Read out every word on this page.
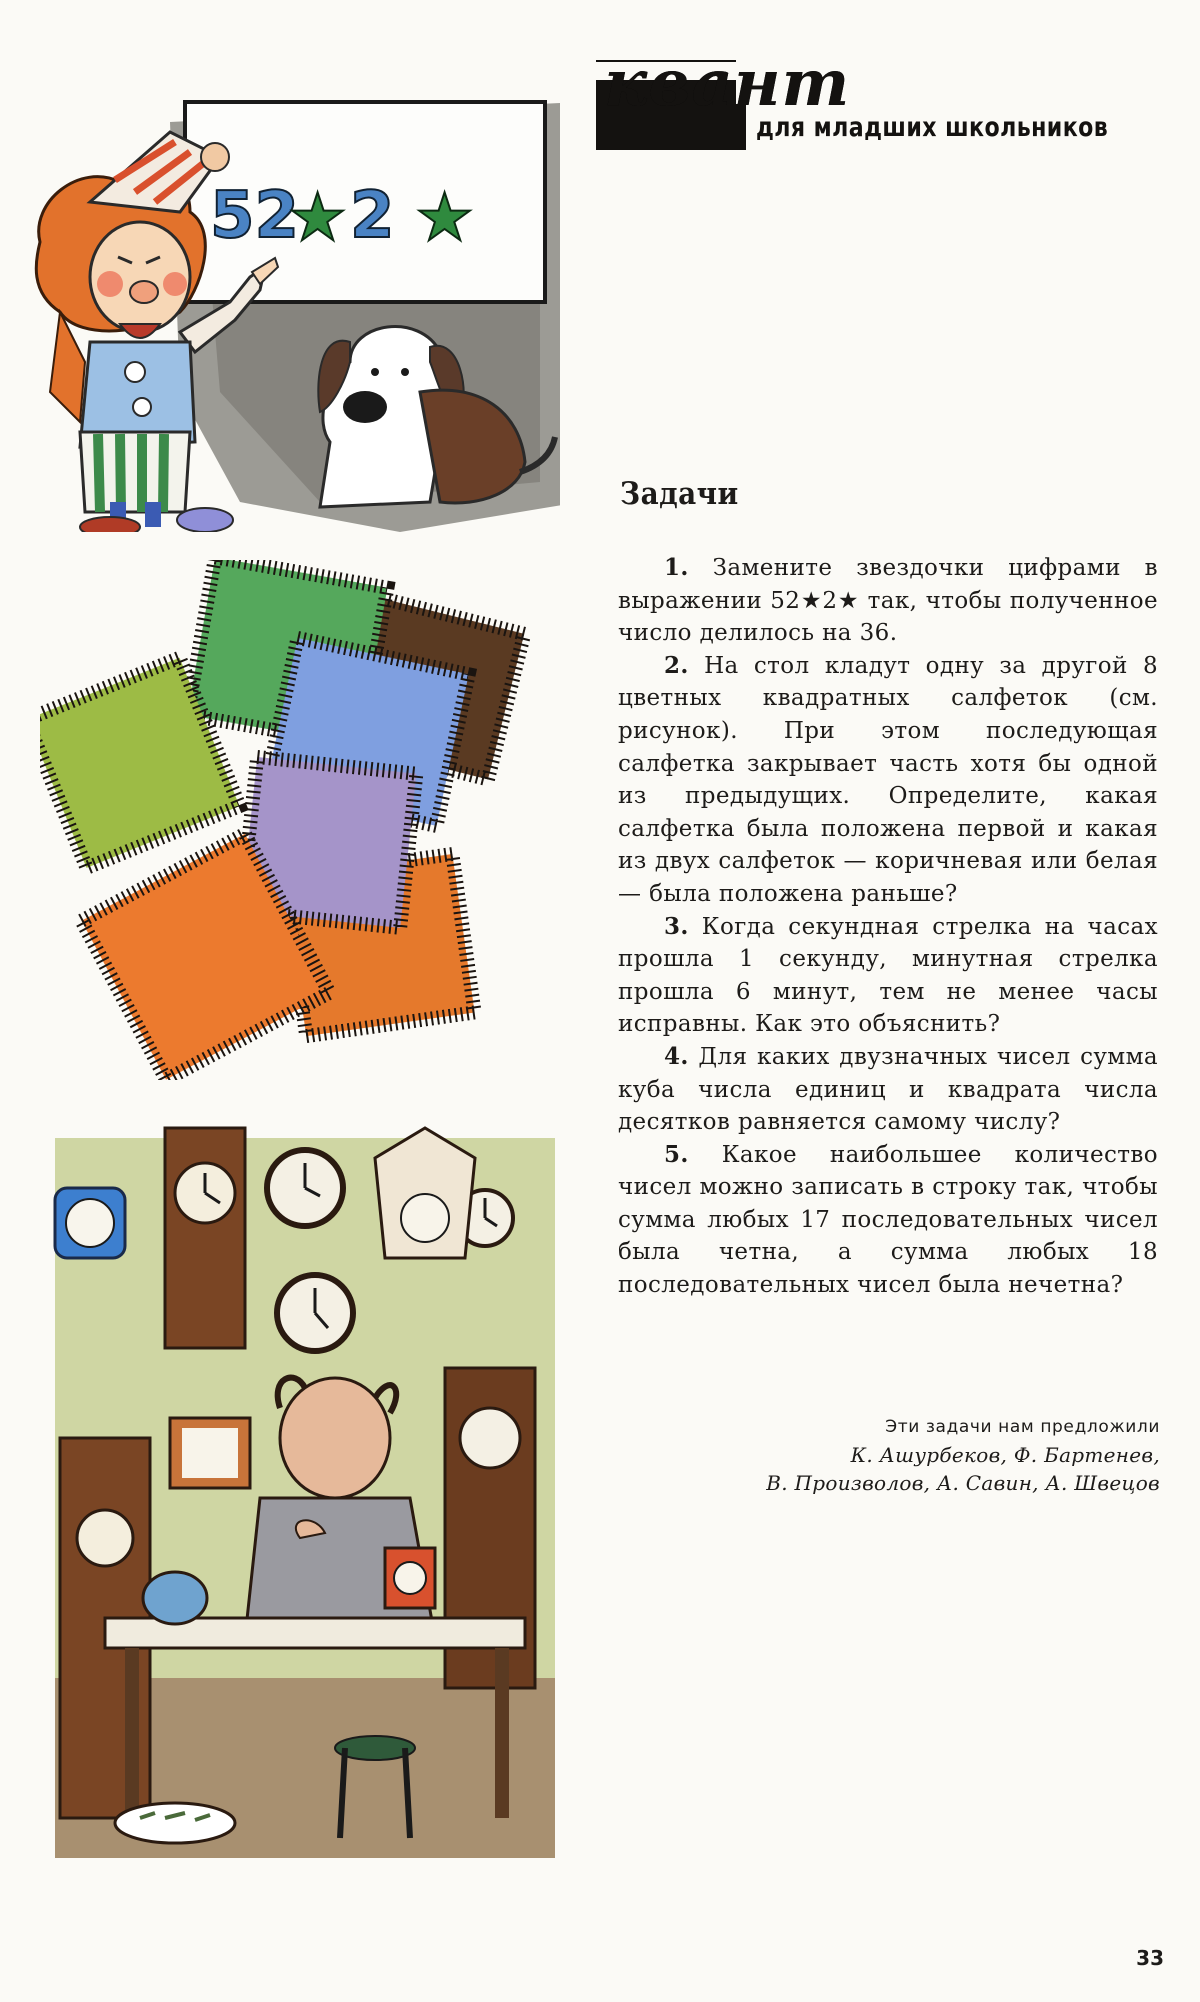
квант
для младших школьников
52
★ 2 ★
Задачи

1. Замените звездочки цифрами в выражении 52★2★ так, чтобы полученное число делилось на 36.

2. На стол кладут одну за другой 8 цветных квадратных салфеток (см. рисунок). При этом последующая салфетка закрывает часть хотя бы одной из предыдущих. Определите, какая салфетка была положена первой и какая из двух салфеток — коричневая или белая — была положена раньше?

3. Когда секундная стрелка на часах прошла 1 секунду, минутная стрелка прошла 6 минут, тем не менее часы исправны. Как это объяснить?

4. Для каких двузначных чисел сумма куба числа единиц и квадрата числа десятков равняется самому числу?

5. Какое наибольшее количество чисел можно записать в строку так, чтобы сумма любых 17 последовательных чисел была четна, а сумма любых 18 последовательных чисел была нечетна?

Эти задачи нам предложили
К. Ашурбеков, Ф. Бартенев,
В. Произволов, А. Савин, А. Швецов
33
